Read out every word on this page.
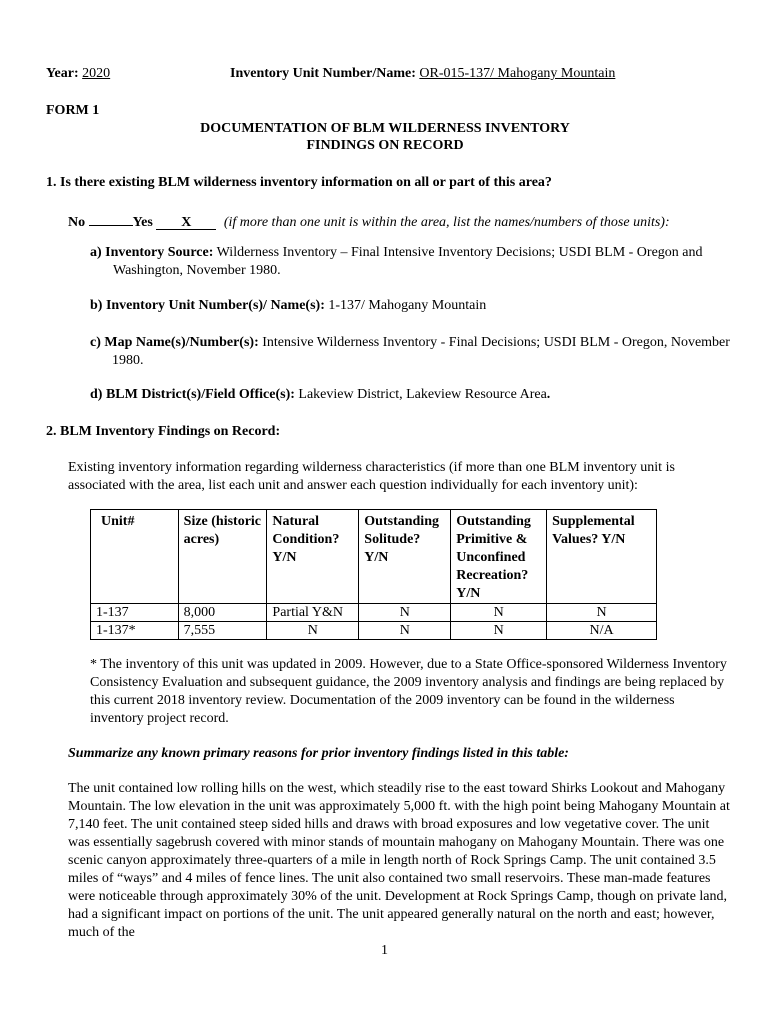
Year: 2020	Inventory Unit Number/Name: OR-015-137/ Mahogany Mountain
FORM 1
DOCUMENTATION OF BLM WILDERNESS INVENTORY
FINDINGS ON RECORD
1. Is there existing BLM wilderness inventory information on all or part of this area?
No	Yes X (if more than one unit is within the area, list the names/numbers of those units):
a) Inventory Source: Wilderness Inventory – Final Intensive Inventory Decisions; USDI BLM - Oregon and Washington, November 1980.
b) Inventory Unit Number(s)/ Name(s): 1-137/ Mahogany Mountain
c) Map Name(s)/Number(s): Intensive Wilderness Inventory - Final Decisions; USDI BLM - Oregon, November 1980.
d) BLM District(s)/Field Office(s): Lakeview District, Lakeview Resource Area.
2. BLM Inventory Findings on Record:
Existing inventory information regarding wilderness characteristics (if more than one BLM inventory unit is associated with the area, list each unit and answer each question individually for each inventory unit):
Unit#	Size (historic acres)	Natural Condition? Y/N	Outstanding Solitude? Y/N	Outstanding Primitive & Unconfined Recreation? Y/N	Supplemental Values? Y/N
1-137	8,000	Partial Y&N	N	N	N
1-137*	7,555	N	N	N	N/A
* The inventory of this unit was updated in 2009. However, due to a State Office-sponsored Wilderness Inventory Consistency Evaluation and subsequent guidance, the 2009 inventory analysis and findings are being replaced by this current 2018 inventory review. Documentation of the 2009 inventory can be found in the wilderness inventory project record.
Summarize any known primary reasons for prior inventory findings listed in this table:
The unit contained low rolling hills on the west, which steadily rise to the east toward Shirks Lookout and Mahogany Mountain. The low elevation in the unit was approximately 5,000 ft. with the high point being Mahogany Mountain at 7,140 feet. The unit contained steep sided hills and draws with broad exposures and low vegetative cover. The unit was essentially sagebrush covered with minor stands of mountain mahogany on Mahogany Mountain. There was one scenic canyon approximately three-quarters of a mile in length north of Rock Springs Camp. The unit contained 3.5 miles of “ways” and 4 miles of fence lines. The unit also contained two small reservoirs. These man-made features were noticeable through approximately 30% of the unit. Development at Rock Springs Camp, though on private land, had a significant impact on portions of the unit. The unit appeared generally natural on the north and east; however, much of the
1
